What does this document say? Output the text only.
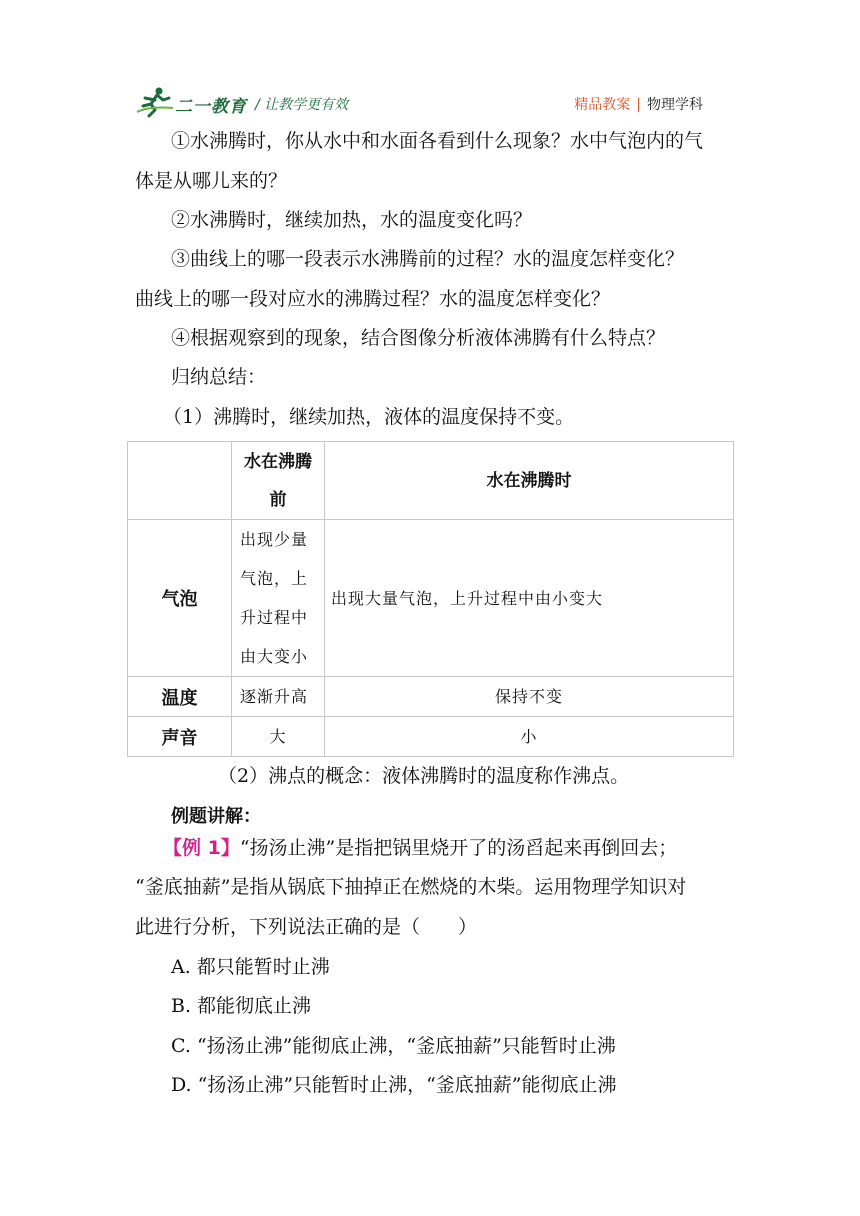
二一教育 / 让教学更有效	精品教案 | 物理学科
①水沸腾时，你从水中和水面各看到什么现象？水中气泡内的气
体是从哪儿来的？
②水沸腾时，继续加热，水的温度变化吗？
③曲线上的哪一段表示水沸腾前的过程？水的温度怎样变化？
曲线上的哪一段对应水的沸腾过程？水的温度怎样变化？
④根据观察到的现象，结合图像分析液体沸腾有什么特点？
归纳总结：
（1）沸腾时，继续加热，液体的温度保持不变。

	水在沸腾
前	水在沸腾时
气泡	出现少量
气泡，上
升过程中
由大变小	出现大量气泡，上升过程中由小变大
温度	逐渐升高	保持不变
声音	大	小
（2）沸点的概念：液体沸腾时的温度称作沸点。
例题讲解：
【例 1】“扬汤止沸”是指把锅里烧开了的汤舀起来再倒回去；
“釜底抽薪”是指从锅底下抽掉正在燃烧的木柴。运用物理学知识对
此进行分析，下列说法正确的是（　　）
A. 都只能暂时止沸
B. 都能彻底止沸
C. “扬汤止沸”能彻底止沸，“釜底抽薪”只能暂时止沸
D. “扬汤止沸”只能暂时止沸，“釜底抽薪”能彻底止沸
